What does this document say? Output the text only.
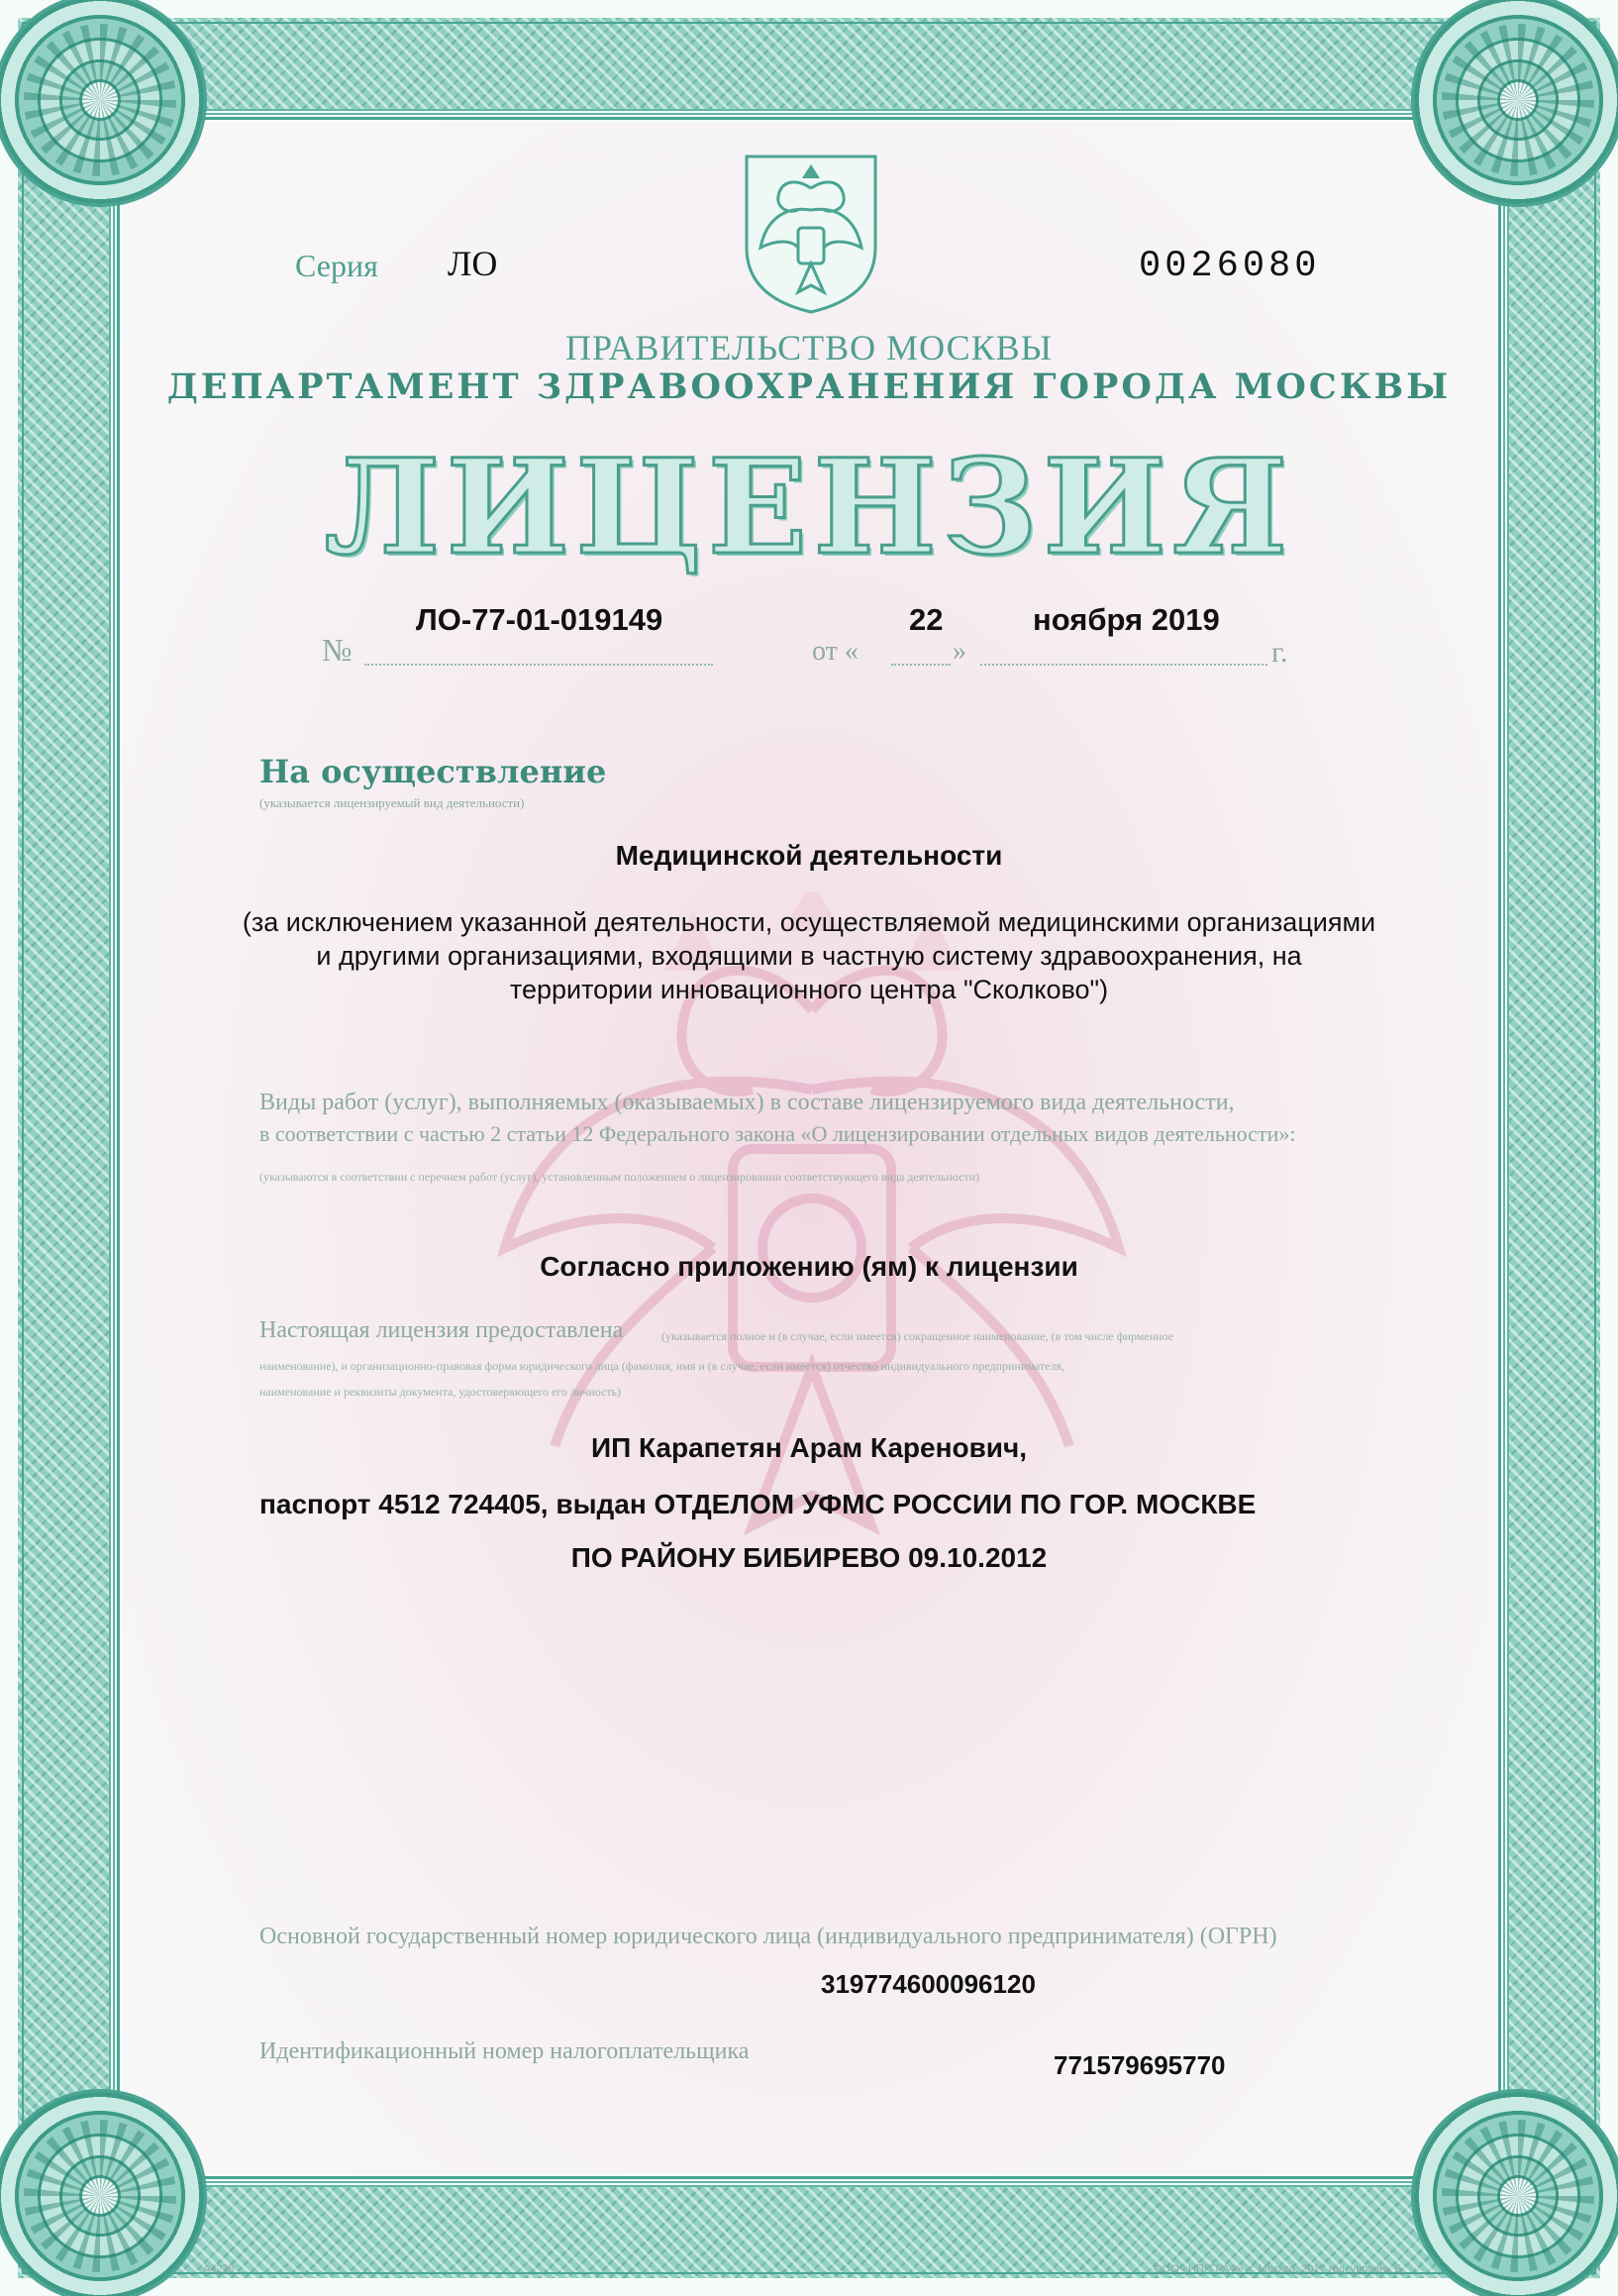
Серия ЛО	0026080

ПРАВИТЕЛЬСТВО МОСКВЫ

ДЕПАРТАМЕНТ ЗДРАВООХРАНЕНИЯ ГОРОДА МОСКВЫ

ЛИЦЕНЗИЯ

№

ЛО-77-01-019149

от «

22

»

ноября 2019

г.

На осуществление

(указывается лицензируемый вид деятельности)

Медицинской деятельности

(за исключением указанной деятельности, осуществляемой медицинскими организациями

и другими организациями, входящими в частную систему здравоохранения, на

территории инновационного центра "Сколково")

Виды работ (услуг), выполняемых (оказываемых) в составе лицензируемого вида деятельности,

в соответствии с частью 2 статьи 12 Федерального закона «О лицензировании отдельных видов деятельности»:

(указываются в соответствии с перечнем работ (услуг), установленным положением о лицензировании соответствующего вида деятельности)

Согласно приложению (ям) к лицензии

Настоящая лицензия предоставлена	(указывается полное и (в случае, если имеется) сокращенное наименование, (в том числе фирменное

наименование), и организационно-правовая форма юридического лица (фамилия, имя и (в случае, если имеется) отчество индивидуального предпринимателя,

наименование и реквизиты документа, удостоверяющего его личность)

ИП Карапетян Арам Каренович,

паспорт 4512 724405, выдан ОТДЕЛОМ УФМС РОССИИ ПО ГОР. МОСКВЕ

ПО РАЙОНУ БИБИРЕВО 09.10.2012

Основной государственный номер юридического лица (индивидуального предпринимателя) (ОГРН)

319774600096120

Идентификационный номер налогоплательщика	771579695770

А4238	ООО «НПГГРАФ», г. Москва, 2017 год, уровень Б
